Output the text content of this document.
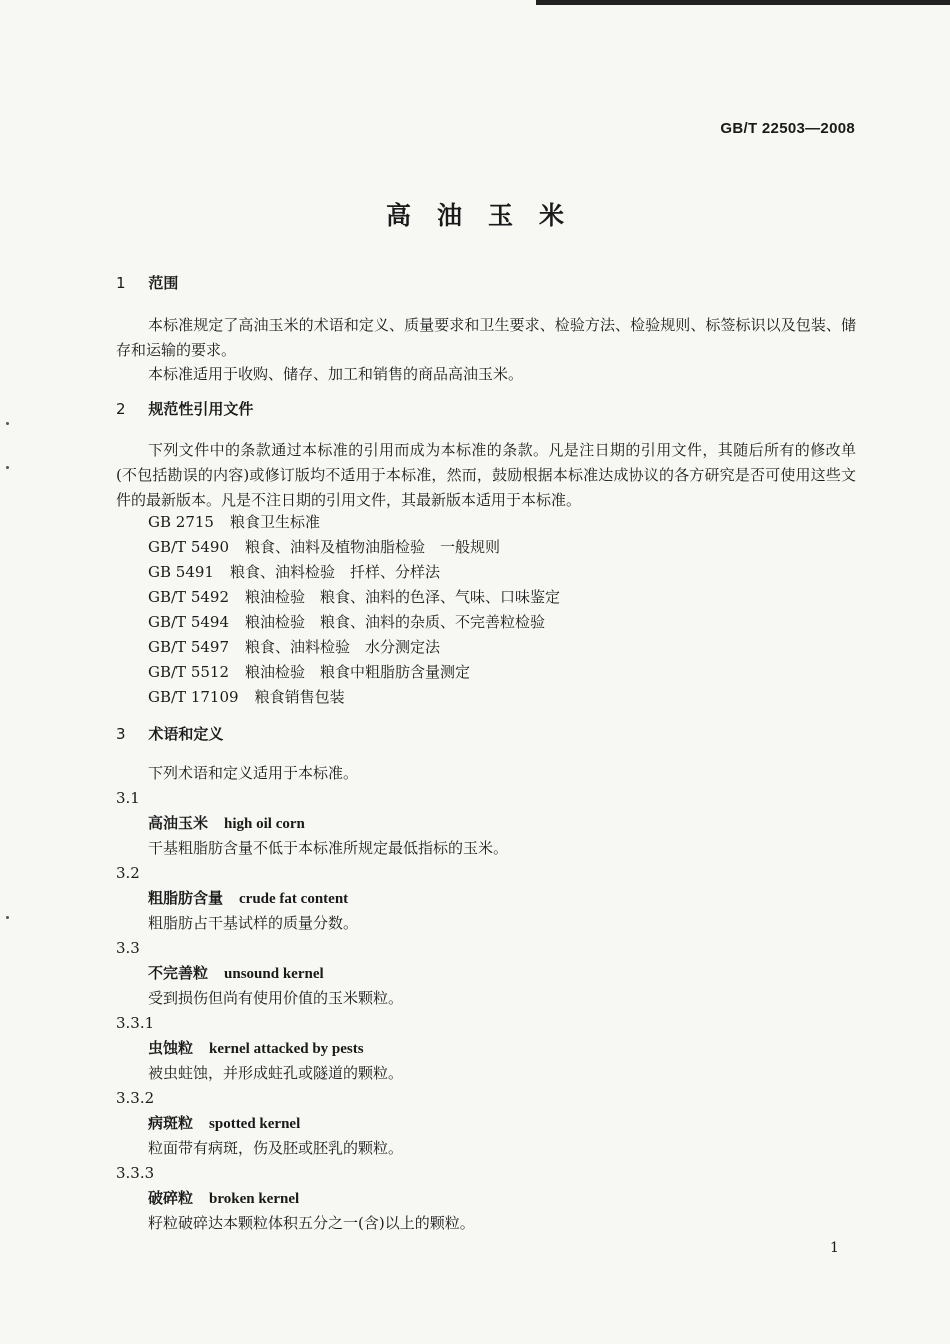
GB/T 22503—2008
高油玉米
1 范围
本标准规定了高油玉米的术语和定义、质量要求和卫生要求、检验方法、检验规则、标签标识以及包装、储存和运输的要求。
本标准适用于收购、储存、加工和销售的商品高油玉米。
2 规范性引用文件
下列文件中的条款通过本标准的引用而成为本标准的条款。凡是注日期的引用文件，其随后所有的修改单(不包括勘误的内容)或修订版均不适用于本标准，然而，鼓励根据本标准达成协议的各方研究是否可使用这些文件的最新版本。凡是不注日期的引用文件，其最新版本适用于本标准。
GB 2715 粮食卫生标准
GB/T 5490 粮食、油料及植物油脂检验　一般规则
GB 5491 粮食、油料检验　扦样、分样法
GB/T 5492 粮油检验　粮食、油料的色泽、气味、口味鉴定
GB/T 5494 粮油检验　粮食、油料的杂质、不完善粒检验
GB/T 5497 粮食、油料检验　水分测定法
GB/T 5512 粮油检验　粮食中粗脂肪含量测定
GB/T 17109 粮食销售包装
3 术语和定义
下列术语和定义适用于本标准。
3.1
高油玉米 high oil corn
干基粗脂肪含量不低于本标准所规定最低指标的玉米。
3.2
粗脂肪含量 crude fat content
粗脂肪占干基试样的质量分数。
3.3
不完善粒 unsound kernel
受到损伤但尚有使用价值的玉米颗粒。
3.3.1
虫蚀粒 kernel attacked by pests
被虫蛀蚀，并形成蛀孔或隧道的颗粒。
3.3.2
病斑粒 spotted kernel
粒面带有病斑，伤及胚或胚乳的颗粒。
3.3.3
破碎粒 broken kernel
籽粒破碎达本颗粒体积五分之一(含)以上的颗粒。
1
